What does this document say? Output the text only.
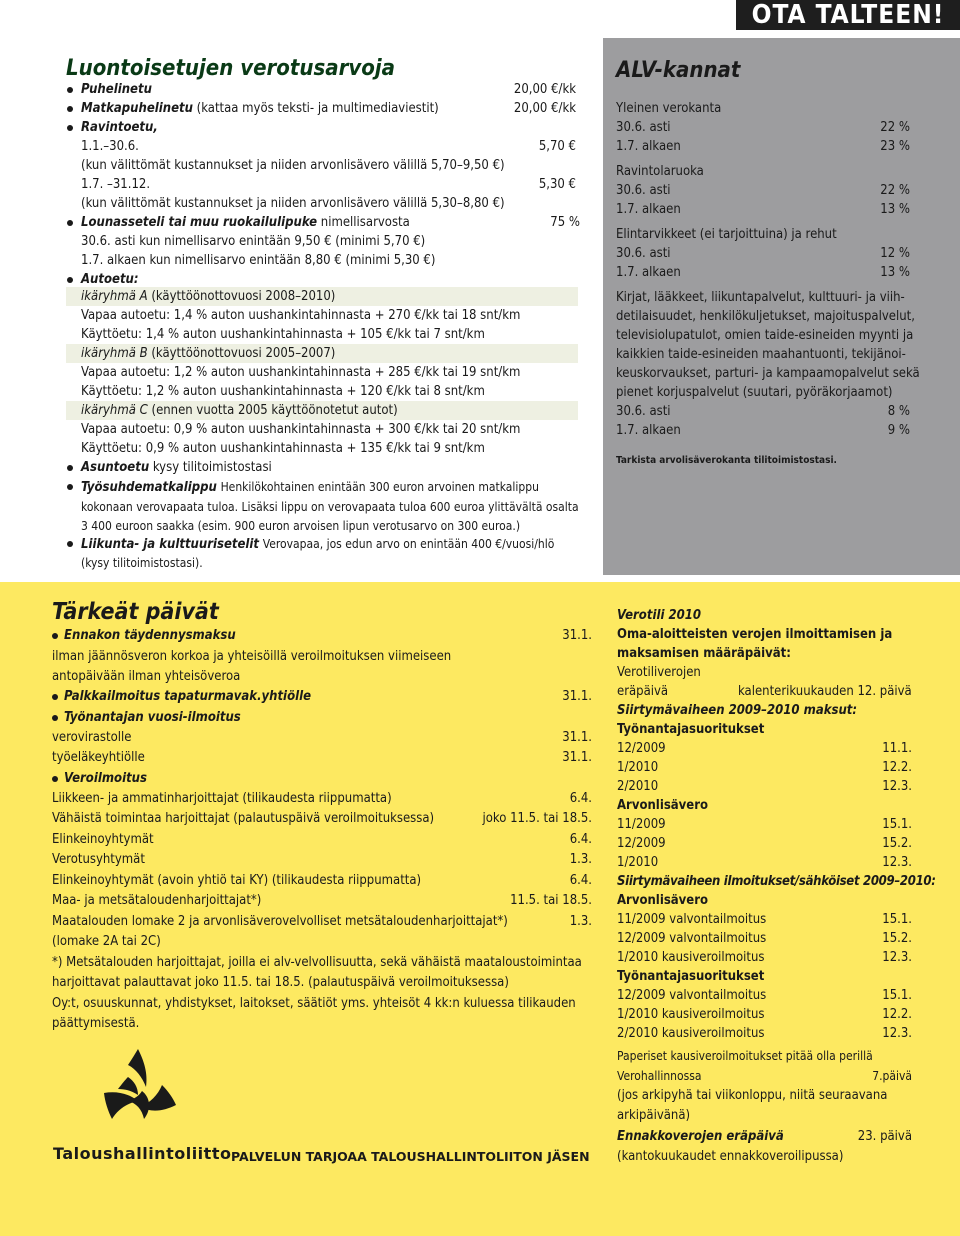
OTA TALTEEN!
Luontoisetujen verotusarvoja
Puhelinetu	20,00 €/kk
Matkapuhelinetu (kattaa myös teksti- ja multimediaviestit)	20,00 €/kk
Ravintoetu,
1.1.–30.6.	5,70 €
(kun välittömät kustannukset ja niiden arvonlisävero välillä 5,70–9,50 €)
1.7. –31.12.	5,30 €
(kun välittömät kustannukset ja niiden arvonlisävero välillä 5,30–8,80 €)
Lounasseteli tai muu ruokailulipuke nimellisarvosta	75 %
30.6. asti kun nimellisarvo enintään 9,50 € (minimi 5,70 €)
1.7. alkaen kun nimellisarvo enintään 8,80 € (minimi 5,30 €)
Autoetu:
ikäryhmä A (käyttöönottovuosi 2008–2010)
Vapaa autoetu: 1,4 % auton uushankintahinnasta + 270 €/kk tai 18 snt/km
Käyttöetu: 1,4 % auton uushankintahinnasta + 105 €/kk tai 7 snt/km
ikäryhmä B (käyttöönottovuosi 2005–2007)
Vapaa autoetu: 1,2 % auton uushankintahinnasta + 285 €/kk tai 19 snt/km
Käyttöetu: 1,2 % auton uushankintahinnasta + 120 €/kk tai 8 snt/km
ikäryhmä C (ennen vuotta 2005 käyttöönotetut autot)
Vapaa autoetu: 0,9 % auton uushankintahinnasta + 300 €/kk tai 20 snt/km
Käyttöetu: 0,9 % auton uushankintahinnasta + 135 €/kk tai 9 snt/km
Asuntoetu kysy tilitoimistostasi
Työsuhdematkalippu Henkilökohtainen enintään 300 euron arvoinen matkalippu
kokonaan verovapaata tuloa. Lisäksi lippu on verovapaata tuloa 600 euroa ylittävältä osalta
3 400 euroon saakka (esim. 900 euron arvoisen lipun verotusarvo on 300 euroa.)
Liikunta- ja kulttuurisetelit Verovapaa, jos edun arvo on enintään 400 €/vuosi/hlö
(kysy tilitoimistostasi).
ALV-kannat
Yleinen verokanta
30.6. asti	22 %
1.7. alkaen	23 %
Ravintolaruoka
30.6. asti	22 %
1.7. alkaen	13 %
Elintarvikkeet (ei tarjoittuina) ja rehut
30.6. asti	12 %
1.7. alkaen	13 %
Kirjat, lääkkeet, liikuntapalvelut, kulttuuri- ja viih-
detilaisuudet, henkilökuljetukset, majoituspalvelut,
televisiolupatulot, omien taide-esineiden myynti ja
kaikkien taide-esineiden maahantuonti, tekijänoi-
keuskorvaukset, parturi- ja kampaamopalvelut sekä
pienet korjuspalvelut (suutari, pyöräkorjaamot)
30.6. asti	8 %
1.7. alkaen	9 %
Tarkista arvolisäverokanta tilitoimistostasi.
Tärkeät päivät
Ennakon täydennysmaksu	31.1.
ilman jäännösveron korkoa ja yhteisöillä veroilmoituksen viimeiseen
antopäivään ilman yhteisöveroa
Palkkailmoitus tapaturmavak.yhtiölle	31.1.
Työnantajan vuosi-ilmoitus
verovirastolle	31.1.
työeläkeyhtiölle	31.1.
Veroilmoitus
Liikkeen- ja ammatinharjoittajat (tilikaudesta riippumatta)	6.4.
Vähäistä toimintaa harjoittajat (palautuspäivä veroilmoituksessa)	joko 11.5. tai 18.5.
Elinkeinoyhtymät	6.4.
Verotusyhtymät	1.3.
Elinkeinoyhtymät (avoin yhtiö tai KY) (tilikaudesta riippumatta)	6.4.
Maa- ja metsätaloudenharjoittajat*)	11.5. tai 18.5.
Maatalouden lomake 2 ja arvonlisäverovelvolliset metsätaloudenharjoittajat*)	1.3.
(lomake 2A tai 2C)
*) Metsätalouden harjoittajat, joilla ei alv-velvollisuutta, sekä vähäistä maataloustoimintaa
harjoittavat palauttavat joko 11.5. tai 18.5. (palautuspäivä veroilmoituksessa)
Oy:t, osuuskunnat, yhdistykset, laitokset, säätiöt yms. yhteisöt 4 kk:n kuluessa tilikauden
päättymisestä.
Verotili 2010
Oma-aloitteisten verojen ilmoittamisen ja
maksamisen määräpäivät:
Verotiliverojen
eräpäivä	kalenterikuukauden 12. päivä
Siirtymävaiheen 2009–2010 maksut:
Työnantajasuoritukset
12/2009	11.1.
1/2010	12.2.
2/2010	12.3.
Arvonlisävero
11/2009	15.1.
12/2009	15.2.
1/2010	12.3.
Siirtymävaiheen ilmoitukset/sähköiset 2009–2010:
Arvonlisävero
11/2009 valvontailmoitus	15.1.
12/2009 valvontailmoitus	15.2.
1/2010 kausiveroilmoitus	12.3.
Työnantajasuoritukset
12/2009 valvontailmoitus	15.1.
1/2010 kausiveroilmoitus	12.2.
2/2010 kausiveroilmoitus	12.3.
Paperiset kausiveroilmoitukset pitää olla perillä
Verohallinnossa	7.päivä
(jos arkipyhä tai viikonloppu, niitä seuraavana
arkipäivänä)
Ennakkoverojen eräpäivä	23. päivä
(kantokuukaudet ennakkoveroilipussa)
Taloushallintoliitto PALVELUN TARJOAA TALOUSHALLINTOLIITON JÄSEN
